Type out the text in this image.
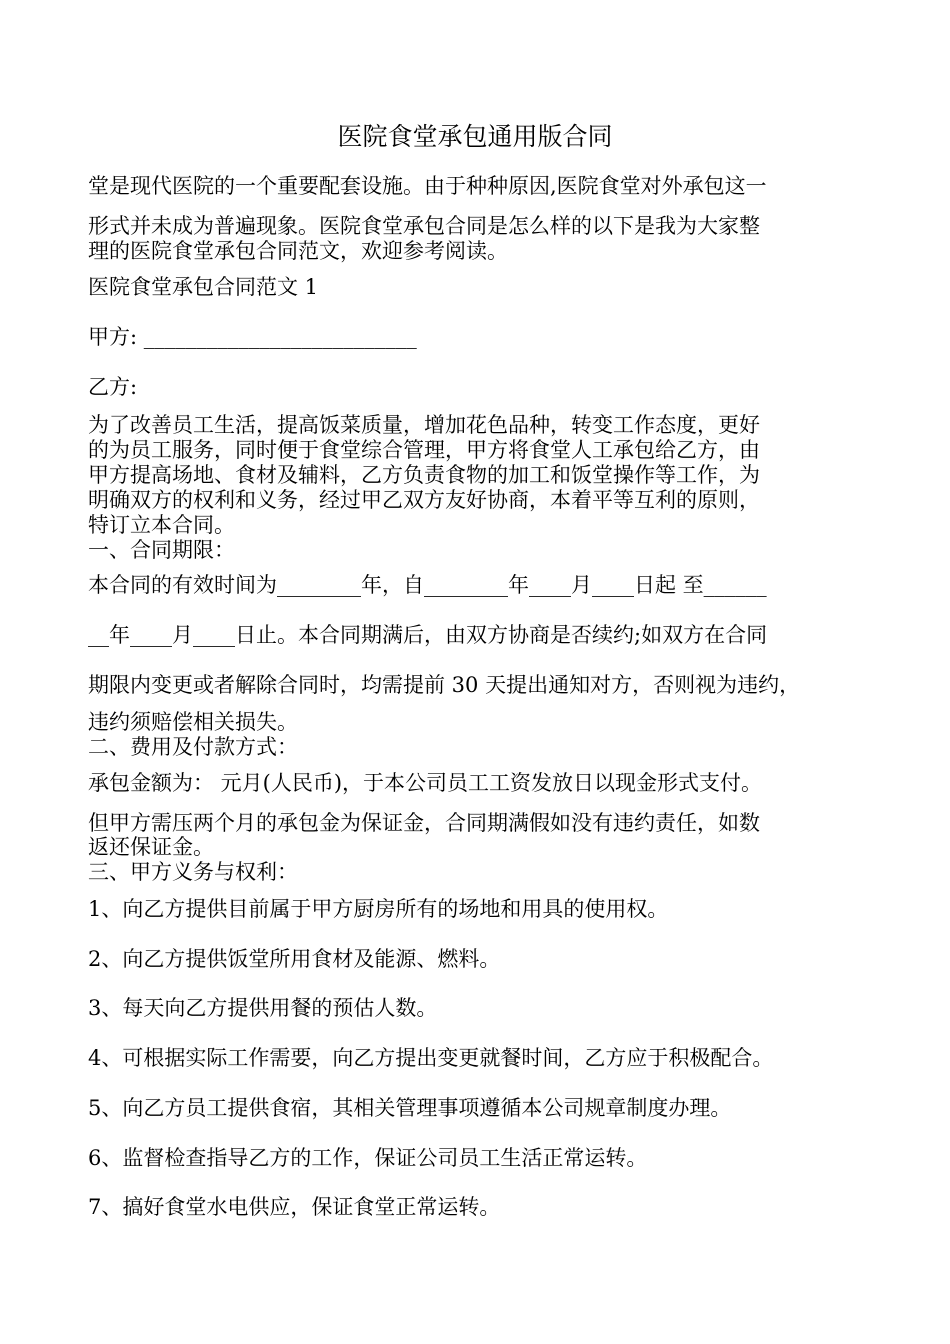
医院食堂承包通用版合同
堂是现代医院的一个重要配套设施。由于种种原因,医院食堂对外承包这一
形式并未成为普遍现象。医院食堂承包合同是怎么样的以下是我为大家整
理的医院食堂承包合同范文，欢迎参考阅读。
医院食堂承包合同范文 1
甲方: __________________________
乙方:
为了改善员工生活，提高饭菜质量，增加花色品种，转变工作态度，更好
的为员工服务，同时便于食堂综合管理，甲方将食堂人工承包给乙方，由
甲方提高场地、食材及辅料，乙方负责食物的加工和饭堂操作等工作，为
明确双方的权利和义务，经过甲乙双方友好协商，本着平等互利的原则，
特订立本合同。
一、合同期限：
本合同的有效时间为________年，自________年____月____日起 至______
__年____月____日止。本合同期满后，由双方协商是否续约;如双方在合同
期限内变更或者解除合同时，均需提前 30 天提出通知对方，否则视为违约，
违约须赔偿相关损失。
二、费用及付款方式：
承包金额为： 元月(人民币)，于本公司员工工资发放日以现金形式支付。
但甲方需压两个月的承包金为保证金，合同期满假如没有违约责任，如数
返还保证金。
三、甲方义务与权利：
1、向乙方提供目前属于甲方厨房所有的场地和用具的使用权。
2、向乙方提供饭堂所用食材及能源、燃料。
3、每天向乙方提供用餐的预估人数。
4、可根据实际工作需要，向乙方提出变更就餐时间，乙方应于积极配合。
5、向乙方员工提供食宿，其相关管理事项遵循本公司规章制度办理。
6、监督检查指导乙方的工作，保证公司员工生活正常运转。
7、搞好食堂水电供应，保证食堂正常运转。
